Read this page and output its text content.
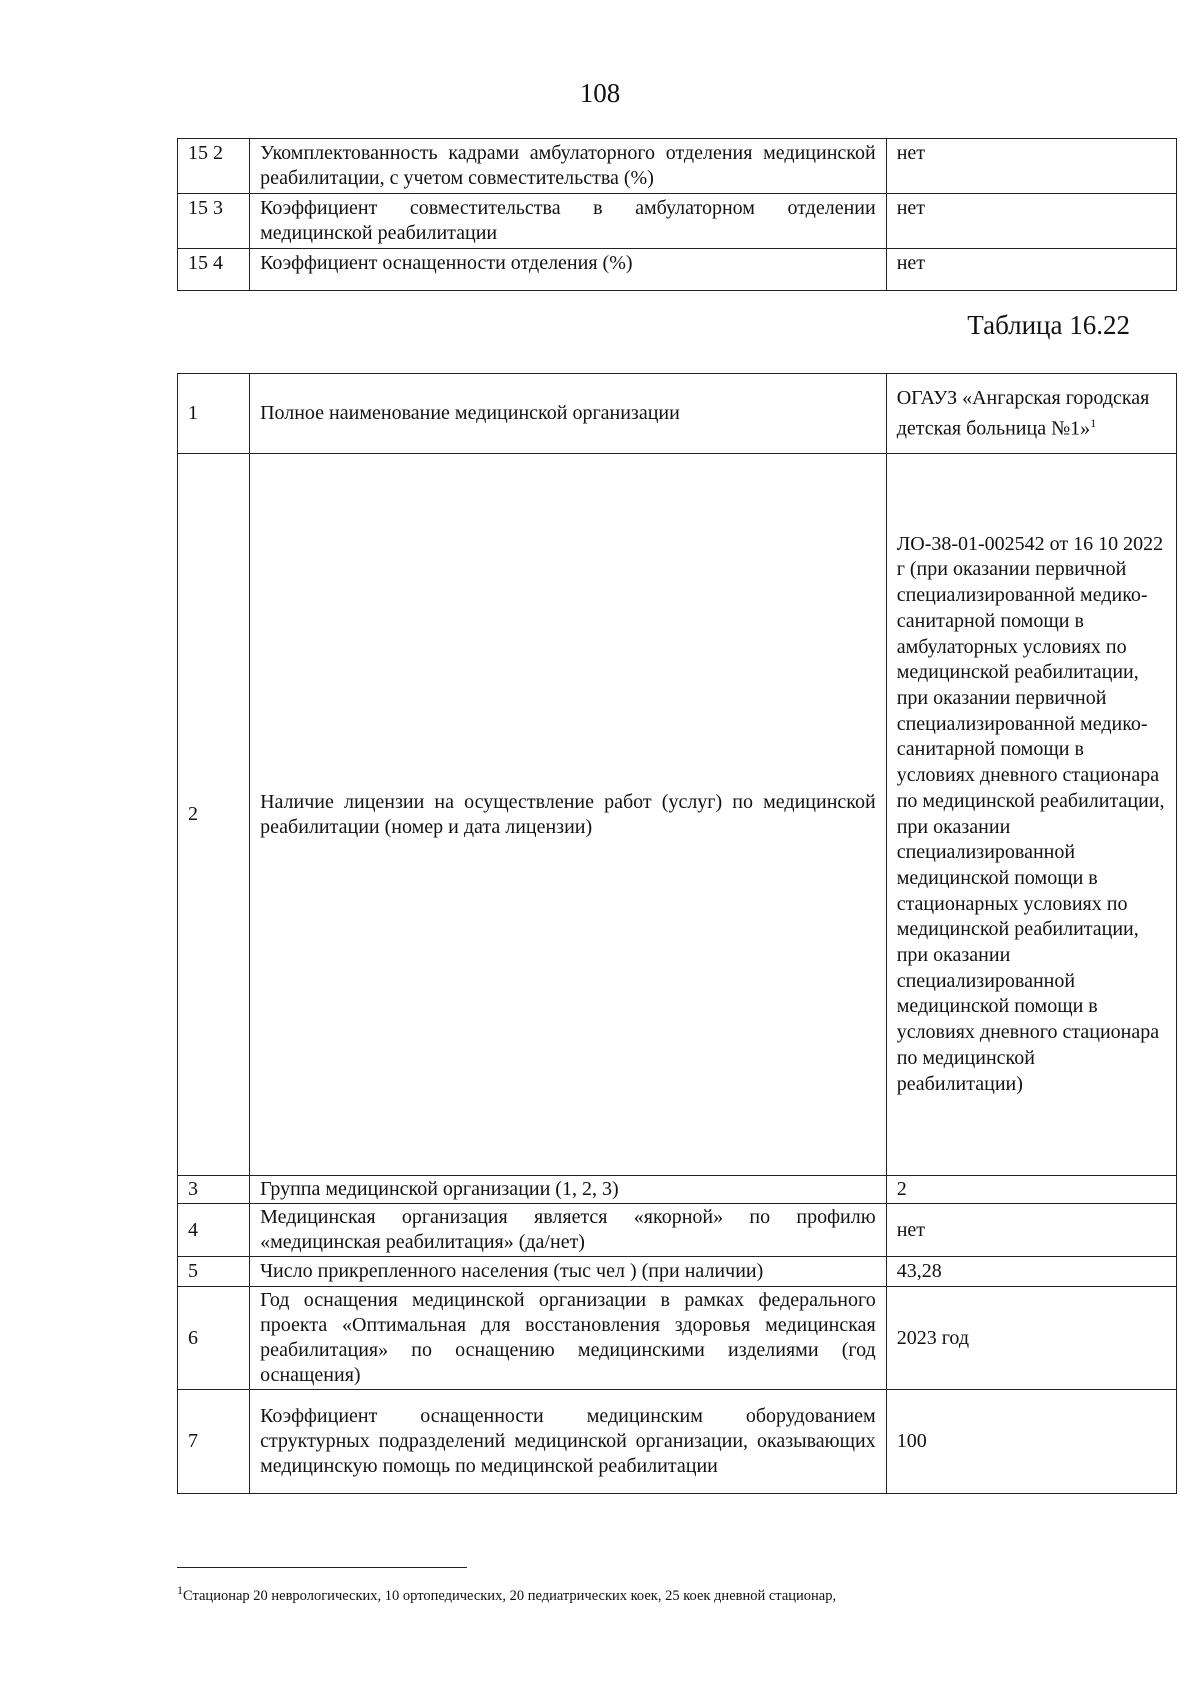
108
15 2	Укомплектованность кадрами амбулаторного отделения медицинской реабилитации, с учетом совместительства (%)	нет
15 3	Коэффициент совместительства в амбулаторном отделении медицинской реабилитации	нет
15 4	Коэффициент оснащенности отделения (%)	нет
Таблица 16.22
1	Полное наименование медицинской организации	ОГАУЗ «Ангарская городская детская больница №1»$^1$
2	Наличие лицензии на осуществление работ (услуг) по медицинской реабилитации (номер и дата лицензии)	ЛО-38-01-002542 от 16 10 2022 г (при оказании первичной специализированной медико-санитарной помощи в амбулаторных условиях по медицинской реабилитации, при оказании первичной специализированной медико-санитарной помощи в условиях дневного стационара по медицинской реабилитации, при оказании специализированной медицинской помощи в стационарных условиях по медицинской реабилитации, при оказании специализированной медицинской помощи в условиях дневного стационара по медицинской реабилитации)
3	Группа медицинской организации (1, 2, 3)	2
4	Медицинская организация является «якорной» по профилю «медицинская реабилитация» (да/нет)	нет
5	Число прикрепленного населения (тыс чел ) (при наличии)	43,28
6	Год оснащения медицинской организации в рамках федерального проекта «Оптимальная для восстановления здоровья медицинская реабилитация» по оснащению медицинскими изделиями (год оснащения)	2023 год
7	Коэффициент оснащенности медицинским оборудованием структурных подразделений медицинской организации, оказывающих медицинскую помощь по медицинской реабилитации	100
$^1$Стационар 20 неврологических, 10 ортопедических, 20 педиатрических коек, 25 коек дневной стационар,
